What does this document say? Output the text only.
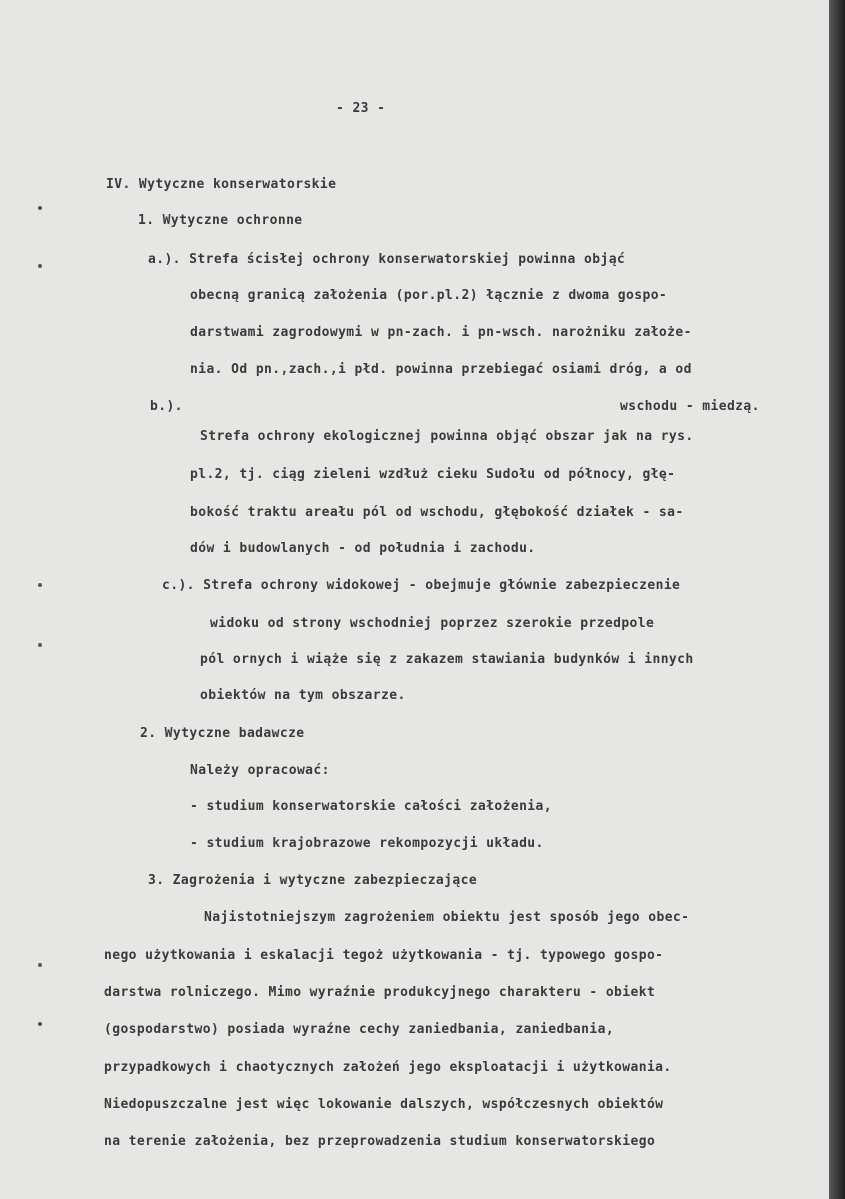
- 23 -
IV. Wytyczne konserwatorskie
1. Wytyczne ochronne
a.). Strefa ścisłej ochrony konserwatorskiej powinna objąć
obecną granicą założenia (por.pl.2) łącznie z dwoma gospo-
darstwami zagrodowymi w pn-zach. i pn-wsch. narożniku założe-
nia. Od pn.,zach.,i płd. powinna przebiegać osiami dróg, a od
b.).	wschodu - miedzą.
Strefa ochrony ekologicznej powinna objąć obszar jak na rys.
pl.2, tj. ciąg zieleni wzdłuż cieku Sudołu od północy, głę-
bokość traktu areału pól od wschodu, głębokość działek - sa-
dów i budowlanych - od południa i zachodu.
c.). Strefa ochrony widokowej - obejmuje głównie zabezpieczenie
widoku od strony wschodniej poprzez szerokie przedpole
pól ornych i wiąże się z zakazem stawiania budynków i innych
obiektów na tym obszarze.
2. Wytyczne badawcze
Należy opracować:
- studium konserwatorskie całości założenia,
- studium krajobrazowe rekompozycji układu.
3. Zagrożenia i wytyczne zabezpieczające
Najistotniejszym zagrożeniem obiektu jest sposób jego obec-
nego użytkowania i eskalacji tegoż użytkowania - tj. typowego gospo-
darstwa rolniczego. Mimo wyraźnie produkcyjnego charakteru - obiekt
(gospodarstwo) posiada wyraźne cechy zaniedbania, zaniedbania,
przypadkowych i chaotycznych założeń jego eksploatacji i użytkowania.
Niedopuszczalne jest więc lokowanie dalszych, współczesnych obiektów
na terenie założenia, bez przeprowadzenia studium konserwatorskiego
